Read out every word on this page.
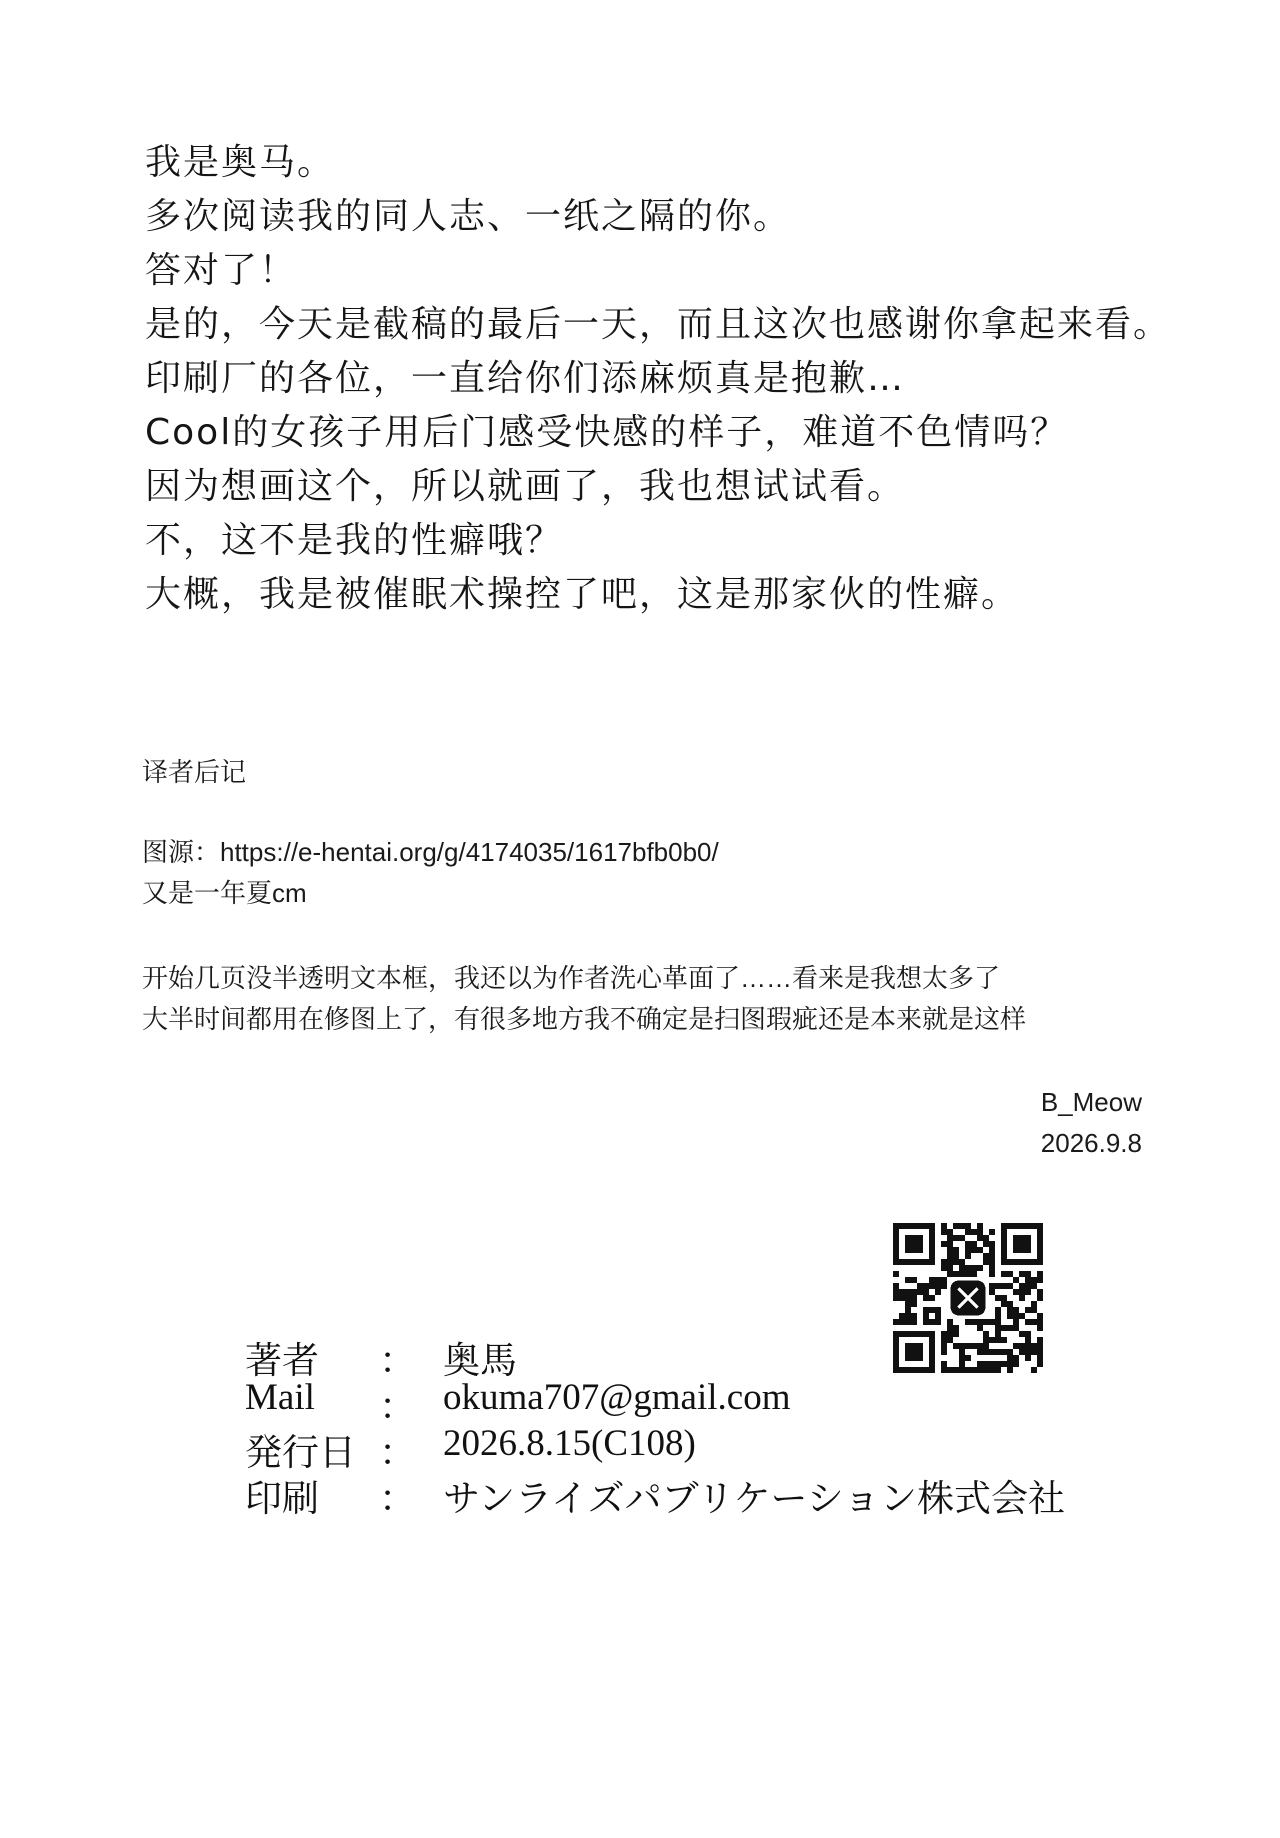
我是奥马。
多次阅读我的同人志、一纸之隔的你。
答对了！
是的，今天是截稿的最后一天，而且这次也感谢你拿起来看。
印刷厂的各位，一直给你们添麻烦真是抱歉…
Cool的女孩子用后门感受快感的样子，难道不色情吗？
因为想画这个，所以就画了，我也想试试看。
不，这不是我的性癖哦？
大概，我是被催眠术操控了吧，这是那家伙的性癖。
译者后记
图源：https://e-hentai.org/g/4174035/1617bfb0b0/
又是一年夏cm
开始几页没半透明文本框，我还以为作者洗心革面了……看来是我想太多了
大半时间都用在修图上了，有很多地方我不确定是扫图瑕疵还是本来就是这样
B_Meow
2026.9.8
著者 ： 奥馬
Mail ： okuma707@gmail.com
発行日 ： 2026.8.15(C108)
印刷 ： サンライズパブリケーション株式会社
